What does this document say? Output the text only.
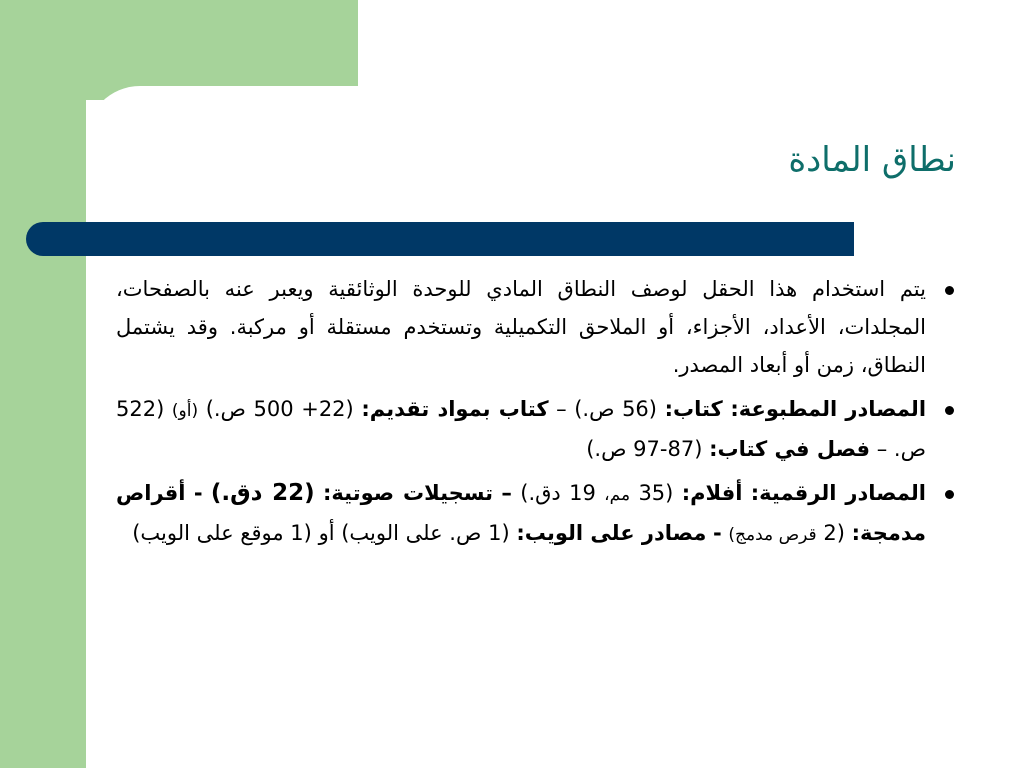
نطاق المادة
يتم استخدام هذا الحقل لوصف النطاق المادي للوحدة الوثائقية ويعبر عنه بالصفحات، المجلدات، الأعداد، الأجزاء، أو الملاحق التكميلية وتستخدم مستقلة أو مركبة. وقد يشتمل النطاق، زمن أو أبعاد المصدر.
المصادر المطبوعة: كتاب: (56 ص.) – كتاب بمواد تقديم: (22+ 500 ص.) (أو) (522 ص. – فصل في كتاب: (87-97 ص.)
المصادر الرقمية: أفلام: (35 مم، 19 دق.) – تسجيلات صوتية: (22 دق.) - أقراص مدمجة: (2 قرص مدمج) - مصادر على الويب: (1 ص. على الويب) أو (1 موقع على الويب)
